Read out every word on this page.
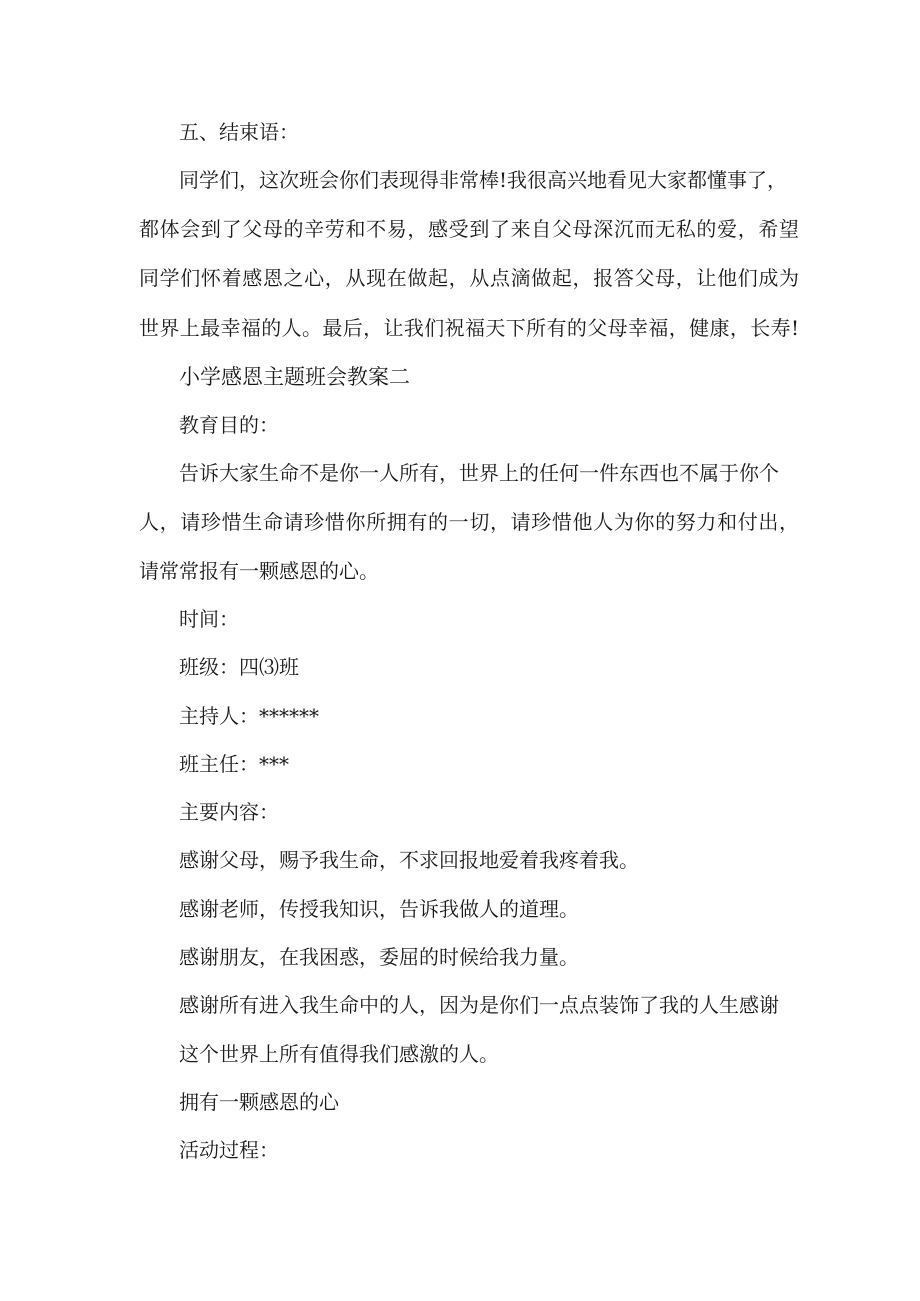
五、结束语：

同学们，这次班会你们表现得非常棒!我很高兴地看见大家都懂事了，

都体会到了父母的辛劳和不易，感受到了来自父母深沉而无私的爱，希望

同学们怀着感恩之心，从现在做起，从点滴做起，报答父母，让他们成为

世界上最幸福的人。最后，让我们祝福天下所有的父母幸福，健康，长寿!

小学感恩主题班会教案二

教育目的：

告诉大家生命不是你一人所有，世界上的任何一件东西也不属于你个

人，请珍惜生命请珍惜你所拥有的一切，请珍惜他人为你的努力和付出，

请常常报有一颗感恩的心。

时间：

班级：四⑶班

主持人：******

班主任：***

主要内容：

感谢父母，赐予我生命，不求回报地爱着我疼着我。

感谢老师，传授我知识，告诉我做人的道理。

感谢朋友，在我困惑，委屈的时候给我力量。

感谢所有进入我生命中的人，因为是你们一点点装饰了我的人生感谢

这个世界上所有值得我们感激的人。

拥有一颗感恩的心

活动过程：
